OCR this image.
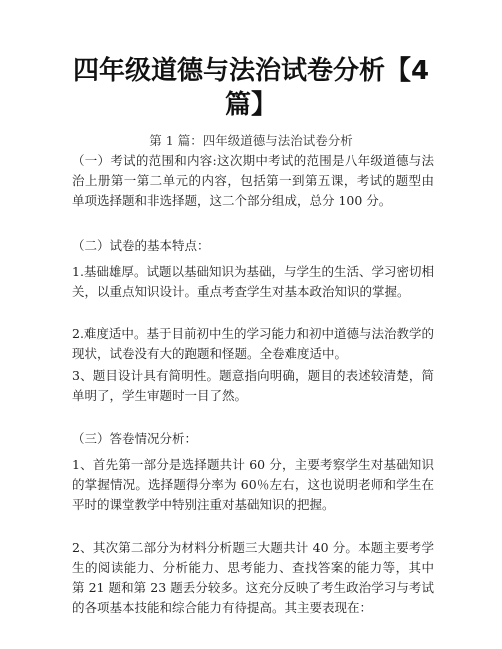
四年级道德与法治试卷分析【4篇】
第 1 篇：四年级道德与法治试卷分析
（一）考试的范围和内容:这次期中考试的范围是八年级道德与法治上册第一第二单元的内容，包括第一到第五课，考试的题型由单项选择题和非选择题，这二个部分组成，总分 100 分。
（二）试卷的基本特点：
1.基础雄厚。试题以基础知识为基础，与学生的生活、学习密切相关，以重点知识设计。重点考查学生对基本政治知识的掌握。
2.难度适中。基于目前初中生的学习能力和初中道德与法治教学的现状，试卷没有大的跑题和怪题。全卷难度适中。
3、题目设计具有简明性。题意指向明确，题目的表述较清楚，简单明了，学生审题时一目了然。
（三）答卷情况分析：
1、首先第一部分是选择题共计 60 分，主要考察学生对基础知识的掌握情况。选择题得分率为 60％左右，这也说明老师和学生在平时的课堂教学中特别注重对基础知识的把握。
2、其次第二部分为材料分析题三大题共计 40 分。本题主要考学生的阅读能力、分析能力、思考能力、查找答案的能力等，其中第 21 题和第 23 题丢分较多。这充分反映了考生政治学习与考试的各项基本技能和综合能力有待提高。其主要表现在：
